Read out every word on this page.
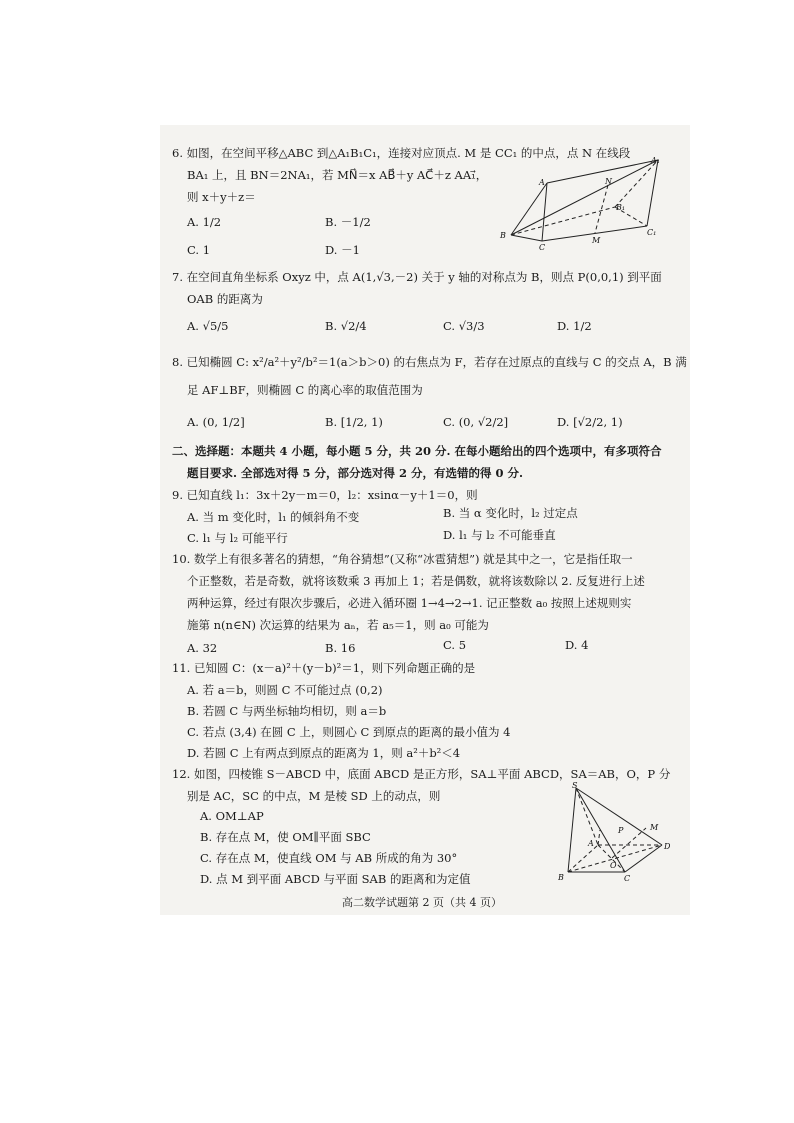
6. 如图，在空间平移△ABC 到△A₁B₁C₁，连接对应顶点. M 是 CC₁ 的中点，点 N 在线段
BA₁ 上，且 BN＝2NA₁，若 MN⃗＝x AB⃗＋y AC⃗＋z AA₁⃗，
则 x＋y＋z＝
A. 1/2	B. －1/2
C. 1	D. －1
A₁
A	N
B₁
B
C
M
C₁
7. 在空间直角坐标系 Oxyz 中，点 A(1,√3,－2) 关于 y 轴的对称点为 B，则点 P(0,0,1) 到平面
OAB 的距离为
A. √5/5	B. √2/4	C. √3/3	D. 1/2
8. 已知椭圆 C: x²/a²＋y²/b²＝1(a＞b＞0) 的右焦点为 F，若存在过原点的直线与 C 的交点 A，B 满
足 AF⊥BF，则椭圆 C 的离心率的取值范围为
A. (0, 1/2]	B. [1/2, 1)	C. (0, √2/2]	D. [√2/2, 1)
二、选择题：本题共 4 小题，每小题 5 分，共 20 分. 在每小题给出的四个选项中，有多项符合
题目要求. 全部选对得 5 分，部分选对得 2 分，有选错的得 0 分.
9. 已知直线 l₁：3x＋2y－m＝0，l₂：xsinα－y＋1＝0，则
A. 当 m 变化时，l₁ 的倾斜角不变	B. 当 α 变化时，l₂ 过定点
C. l₁ 与 l₂ 可能平行	D. l₁ 与 l₂ 不可能垂直
10. 数学上有很多著名的猜想，“角谷猜想”(又称“冰雹猜想”) 就是其中之一，它是指任取一
个正整数，若是奇数，就将该数乘 3 再加上 1；若是偶数，就将该数除以 2. 反复进行上述
两种运算，经过有限次步骤后，必进入循环圈 1→4→2→1. 记正整数 a₀ 按照上述规则实
施第 n(n∈N) 次运算的结果为 aₙ，若 a₅＝1，则 a₀ 可能为
A. 32	B. 16	C. 5	D. 4
11. 已知圆 C：(x－a)²＋(y－b)²＝1，则下列命题正确的是
A. 若 a＝b，则圆 C 不可能过点 (0,2)
B. 若圆 C 与两坐标轴均相切，则 a＝b
C. 若点 (3,4) 在圆 C 上，则圆心 C 到原点的距离的最小值为 4
D. 若圆 C 上有两点到原点的距离为 1，则 a²＋b²＜4
12. 如图，四棱锥 S－ABCD 中，底面 ABCD 是正方形，SA⊥平面 ABCD，SA＝AB，O，P 分
别是 AC，SC 的中点，M 是棱 SD 上的动点，则
A. OM⊥AP
B. 存在点 M，使 OM∥平面 SBC
C. 存在点 M，使直线 OM 与 AB 所成的角为 30°
D. 点 M 到平面 ABCD 与平面 SAB 的距离和为定值
S
M
P
A	D
O
B	C
高二数学试题第 2 页（共 4 页）
